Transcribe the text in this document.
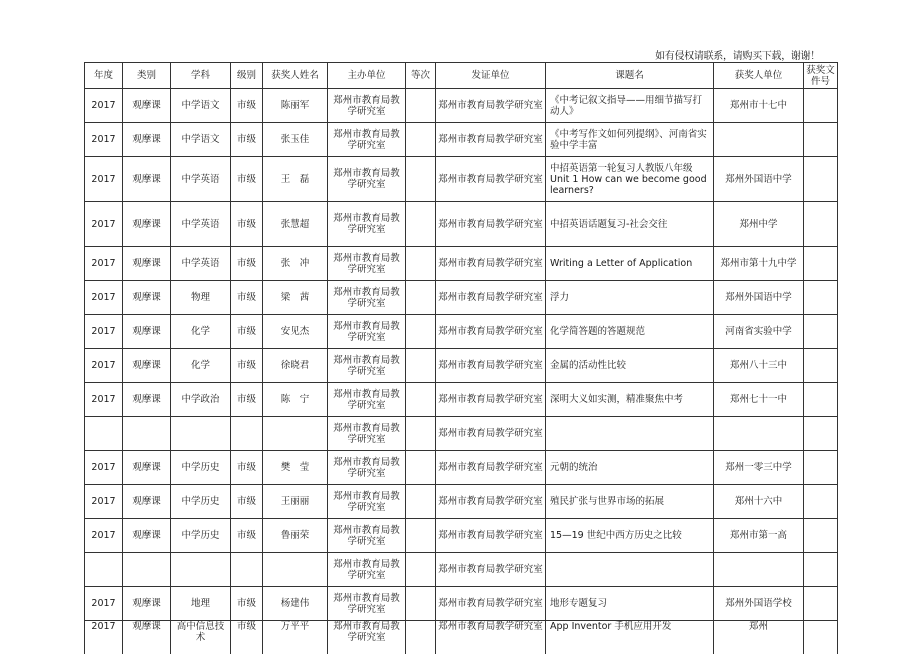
如有侵权请联系，请购买下载，谢谢！
年度	类别	学科	级别	获奖人姓名	主办单位	等次	发证单位	课题名	获奖人单位	获奖文件号
2017	观摩课	中学语文	市级	陈丽军	郑州市教育局教学研究室		郑州市教育局教学研究室	《中考记叙文指导——用细节描写打动人》	郑州市十七中	
2017	观摩课	中学语文	市级	张玉佳	郑州市教育局教学研究室		郑州市教育局教学研究室	《中考写作文如何列提纲》、河南省实验中学丰富		
2017	观摩课	中学英语	市级	王　磊	郑州市教育局教学研究室		郑州市教育局教学研究室	中招英语第一轮复习人教版八年级Unit 1 How can we become good learners?	郑州外国语中学	
2017	观摩课	中学英语	市级	张慧超	郑州市教育局教学研究室		郑州市教育局教学研究室	中招英语话题复习-社会交往	郑州中学	
2017	观摩课	中学英语	市级	张　冲	郑州市教育局教学研究室		郑州市教育局教学研究室	Writing a Letter of Application	郑州市第十九中学	
2017	观摩课	物理	市级	梁　茜	郑州市教育局教学研究室		郑州市教育局教学研究室	浮力	郑州外国语中学	
2017	观摩课	化学	市级	安见杰	郑州市教育局教学研究室		郑州市教育局教学研究室	化学简答题的答题规范	河南省实验中学	
2017	观摩课	化学	市级	徐晓君	郑州市教育局教学研究室		郑州市教育局教学研究室	金属的活动性比较	郑州八十三中	
2017	观摩课	中学政治	市级	陈　宁	郑州市教育局教学研究室		郑州市教育局教学研究室	深明大义如实测，精准聚焦中考	郑州七十一中	
					郑州市教育局教学研究室		郑州市教育局教学研究室			
2017	观摩课	中学历史	市级	樊　莹	郑州市教育局教学研究室		郑州市教育局教学研究室	元朝的统治	郑州一零三中学	
2017	观摩课	中学历史	市级	王丽丽	郑州市教育局教学研究室		郑州市教育局教学研究室	殖民扩张与世界市场的拓展	郑州十六中	
2017	观摩课	中学历史	市级	鲁丽荣	郑州市教育局教学研究室		郑州市教育局教学研究室	15—19 世纪中西方历史之比较	郑州市第一高	
					郑州市教育局教学研究室		郑州市教育局教学研究室			
2017	观摩课	地理	市级	杨建伟	郑州市教育局教学研究室		郑州市教育局教学研究室	地形专题复习	郑州外国语学校	
2017	观摩课	高中信息技术	市级	万平平	郑州市教育局教学研究室		郑州市教育局教学研究室	App Inventor 手机应用开发	郑州	
